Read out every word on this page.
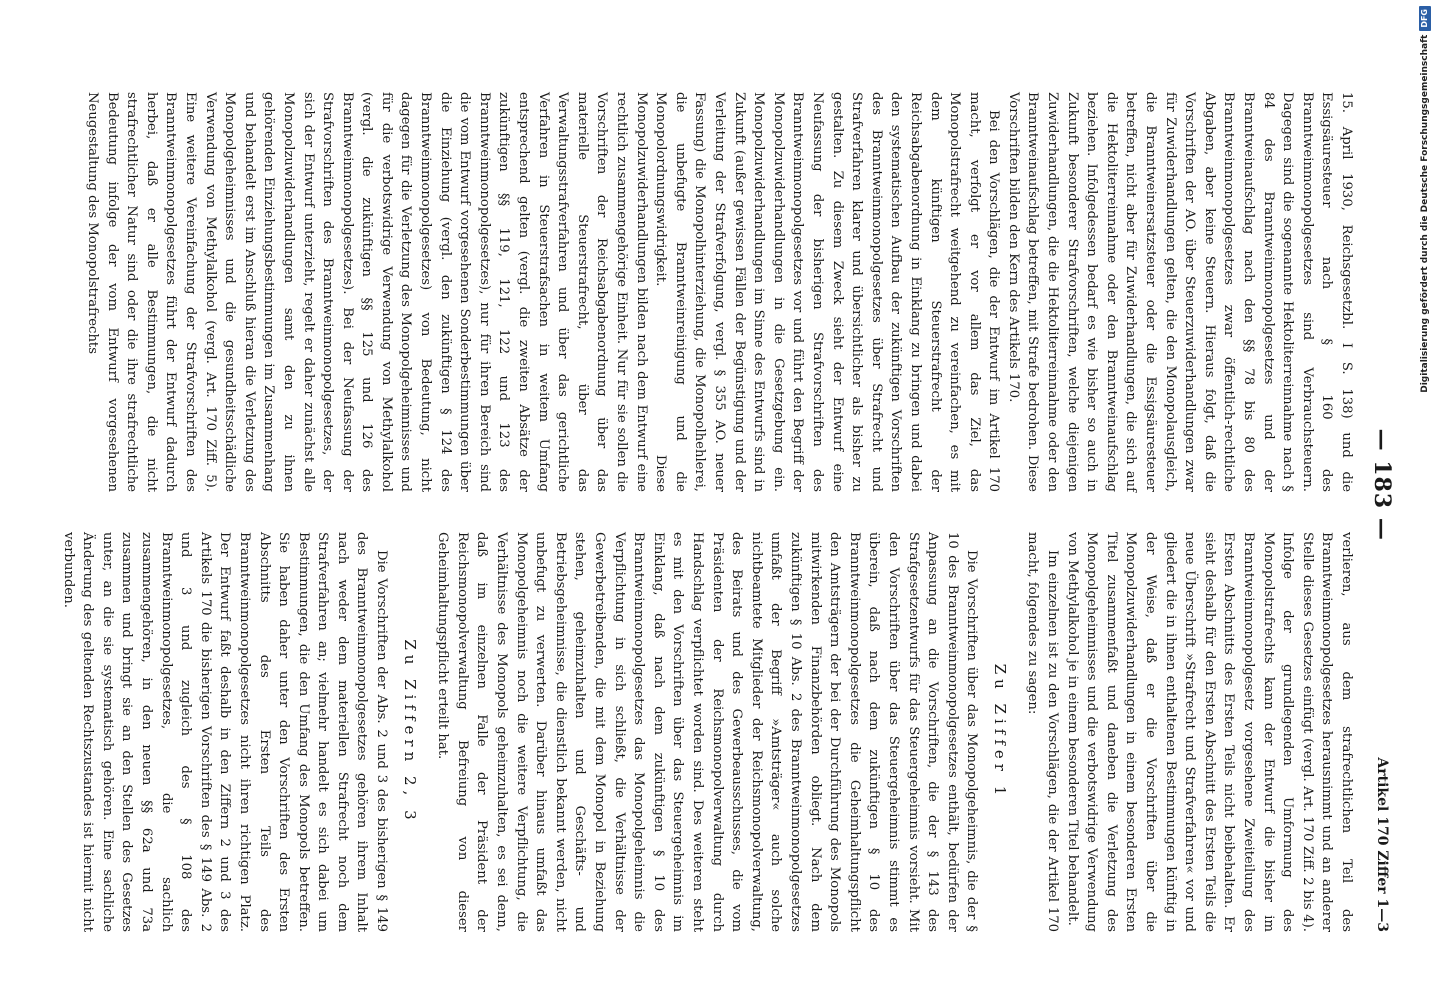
— 183 —
Artikel 170 Ziffer 1—3

15. April 1930, Reichsgesetzbl. I S. 138) und die Essigsäuresteuer nach § 160 des Branntweinmonopolgesetzes sind Verbrauchsteuern. Dagegen sind die sogenannte Hektoliterreinnahme nach § 84 des Branntweinmonopolgesetzes und der Branntweinaufschlag nach den §§ 78 bis 80 des Branntweinmonopolgesetzes zwar öffentlich-rechtliche Abgaben, aber keine Steuern. Hieraus folgt, daß die Vorschriften der AO. über Steuerzuwiderhandlungen zwar für Zuwiderhandlungen gelten, die den Monopolausgleich, die Branntweinersatzsteuer oder die Essigsäuresteuer betreffen, nicht aber für Zuwiderhandlungen, die sich auf die Hektoliterreinnahme oder den Branntweinaufschlag beziehen. Infolgedessen bedarf es wie bisher so auch in Zukunft besonderer Strafvorschriften, welche diejenigen Zuwiderhandlungen, die die Hektoliterreinnahme oder den Branntweinaufschlag betreffen, mit Strafe bedrohen. Diese Vorschriften bilden den Kern des Artikels 170.

Bei den Vorschlägen, die der Entwurf im Artikel 170 macht, verfolgt er vor allem das Ziel, das Monopolstrafrecht weitgehend zu vereinfachen, es mit dem künftigen Steuerstrafrecht der Reichsabgabenordnung in Einklang zu bringen und dabei den systematischen Aufbau der zukünftigen Vorschriften des Branntweinmonopolgesetzes über Strafrecht und Strafverfahren klarer und übersichtlicher als bisher zu gestalten. Zu diesem Zweck sieht der Entwurf eine Neufassung der bisherigen Strafvorschriften des Branntweinmonopolgesetzes vor und führt den Begriff der Monopolzuwiderhandlungen in die Gesetzgebung ein. Monopolzuwiderhandlungen im Sinne des Entwurfs sind in Zukunft (außer gewissen Fällen der Begünstigung und der Verleitung der Strafverfolgung, vergl. § 355 AO. neuer Fassung) die Monopolhinterziehung, die Monopolhehlerei, die unbefugte Branntweinreinigung und die Monopolordnungswidrigkeit. Diese Monopolzuwiderhandlungen bilden nach dem Entwurf eine rechtlich zusammengehörige Einheit. Nur für sie sollen die Vorschriften der Reichsabgabenordnung über das materielle Steuerstrafrecht, über das Verwaltungsstrafverfahren und über das gerichtliche Verfahren in Steuerstrafsachen in weitem Umfang entsprechend gelten (vergl. die zweiten Absätze der zukünftigen §§ 119, 121, 122 und 123 des Branntweinmonopolgesetzes), nur für ihren Bereich sind die vom Entwurf vorgesehenen Sonderbestimmungen über die Einziehung (vergl. den zukünftigen § 124 des Branntweinmonopolgesetzes) von Bedeutung, nicht dagegen für die Verletzung des Monopolgeheimnisses und für die verbotswidrige Verwendung von Methylalkohol (vergl. die zukünftigen §§ 125 und 126 des Branntweinmonopolgesetzes). Bei der Neufassung der Strafvorschriften des Branntweinmonopolgesetzes, der sich der Entwurf unterzieht, regelt er daher zunächst alle Monopolzuwiderhandlungen samt den zu ihnen gehörenden Einziehungsbestimmungen im Zusammenhang und behandelt erst im Anschluß hieran die Verletzung des Monopolgeheimnisses und die gesundheitsschädliche Verwendung von Methylalkohol (vergl. Art. 170 Ziff. 5). Eine weitere Vereinfachung der Strafvorschriften des Branntweinmonopolgesetzes führt der Entwurf dadurch herbei, daß er alle Bestimmungen, die nicht strafrechtlicher Natur sind oder die ihre strafrechtliche Bedeutung infolge der vom Entwurf vorgesehenen Neugestaltung des Monopolstrafrechts

verlieren, aus dem strafrechtlichen Teil des Branntweinmonopolgesetzes herausnimmt und an anderer Stelle dieses Gesetzes einfügt (vergl. Art. 170 Ziff. 2 bis 4). Infolge der grundlegenden Umformung des Monopolstrafrechts kann der Entwurf die bisher im Branntweinmonopolgesetz vorgesehene Zweiteilung des Ersten Abschnitts des Ersten Teils nicht beibehalten. Er sieht deshalb für den Ersten Abschnitt des Ersten Teils die neue Überschrift »Strafrecht und Strafverfahren« vor und gliedert die in ihnen enthaltenen Bestimmungen künftig in der Weise, daß er die Vorschriften über die Monopolzuwiderhandlungen in einem besonderen Ersten Titel zusammenfaßt und daneben die Verletzung des Monopolgeheimnisses und die verbotswidrige Verwendung von Methylalkohol je in einem besonderen Titel behandelt.

Im einzelnen ist zu den Vorschlägen, die der Artikel 170 macht, folgendes zu sagen:

Zu Ziffer 1

Die Vorschriften über das Monopolgeheimnis, die der § 10 des Branntweinmonopolgesetzes enthält, bedürfen der Anpassung an die Vorschriften, die der § 143 des Strafgesetzentwurfs für das Steuergeheimnis vorsieht. Mit den Vorschriften über das Steuergeheimnis stimmt es überein, daß nach dem zukünftigen § 10 des Branntweinmonopolgesetzes die Geheimhaltungspflicht den Amtsträgern der bei der Durchführung des Monopols mitwirkenden Finanzbehörden obliegt. Nach dem zukünftigen § 10 Abs. 2 des Branntweinmonopolgesetzes umfaßt der Begriff »Amtsträger« auch solche nichtbeamtete Mitglieder der Reichsmonopolverwaltung, des Beirats und des Gewerbeausschusses, die vom Präsidenten der Reichsmonopolverwaltung durch Handschlag verpflichtet worden sind. Des weiteren steht es mit den Vorschriften über das Steuergeheimnis im Einklang, daß nach dem zukünftigen § 10 des Branntweinmonopolgesetzes das Monopolgeheimnis die Verpflichtung in sich schließt, die Verhältnisse der Gewerbetreibenden, die mit dem Monopol in Beziehung stehen, geheimzuhalten und Geschäfts- und Betriebsgeheimnisse, die dienstlich bekannt werden, nicht unbefugt zu verwerten. Darüber hinaus umfaßt das Monopolgeheimnis noch die weitere Verpflichtung, die Verhältnisse des Monopols geheimzuhalten, es sei denn, daß im einzelnen Falle der Präsident der Reichsmonopolverwaltung Befreiung von dieser Geheimhaltungspflicht erteilt hat.

Zu Ziffern 2, 3

Die Vorschriften der Abs. 2 und 3 des bisherigen § 149 des Branntweinmonopolgesetzes gehören ihrem Inhalt nach weder dem materiellen Strafrecht noch dem Strafverfahren an; vielmehr handelt es sich dabei um Bestimmungen, die den Umfang des Monopols betreffen. Sie haben daher unter den Vorschriften des Ersten Abschnitts des Ersten Teils des Branntweinmonopolgesetzes nicht ihren richtigen Platz. Der Entwurf faßt deshalb in den Ziffern 2 und 3 des Artikels 170 die bisherigen Vorschriften des § 149 Abs. 2 und 3 und zugleich des § 108 des Branntweinmonopolgesetzes, die sachlich zusammengehören, in den neuen §§ 62a und 73a zusammen und bringt sie an den Stellen des Gesetzes unter, an die sie systematisch gehören. Eine sachliche Änderung des geltenden Rechtszustandes ist hiermit nicht verbunden.

Digitalisierung gefördert durch die Deutsche Forschungsgemeinschaft
DFG
